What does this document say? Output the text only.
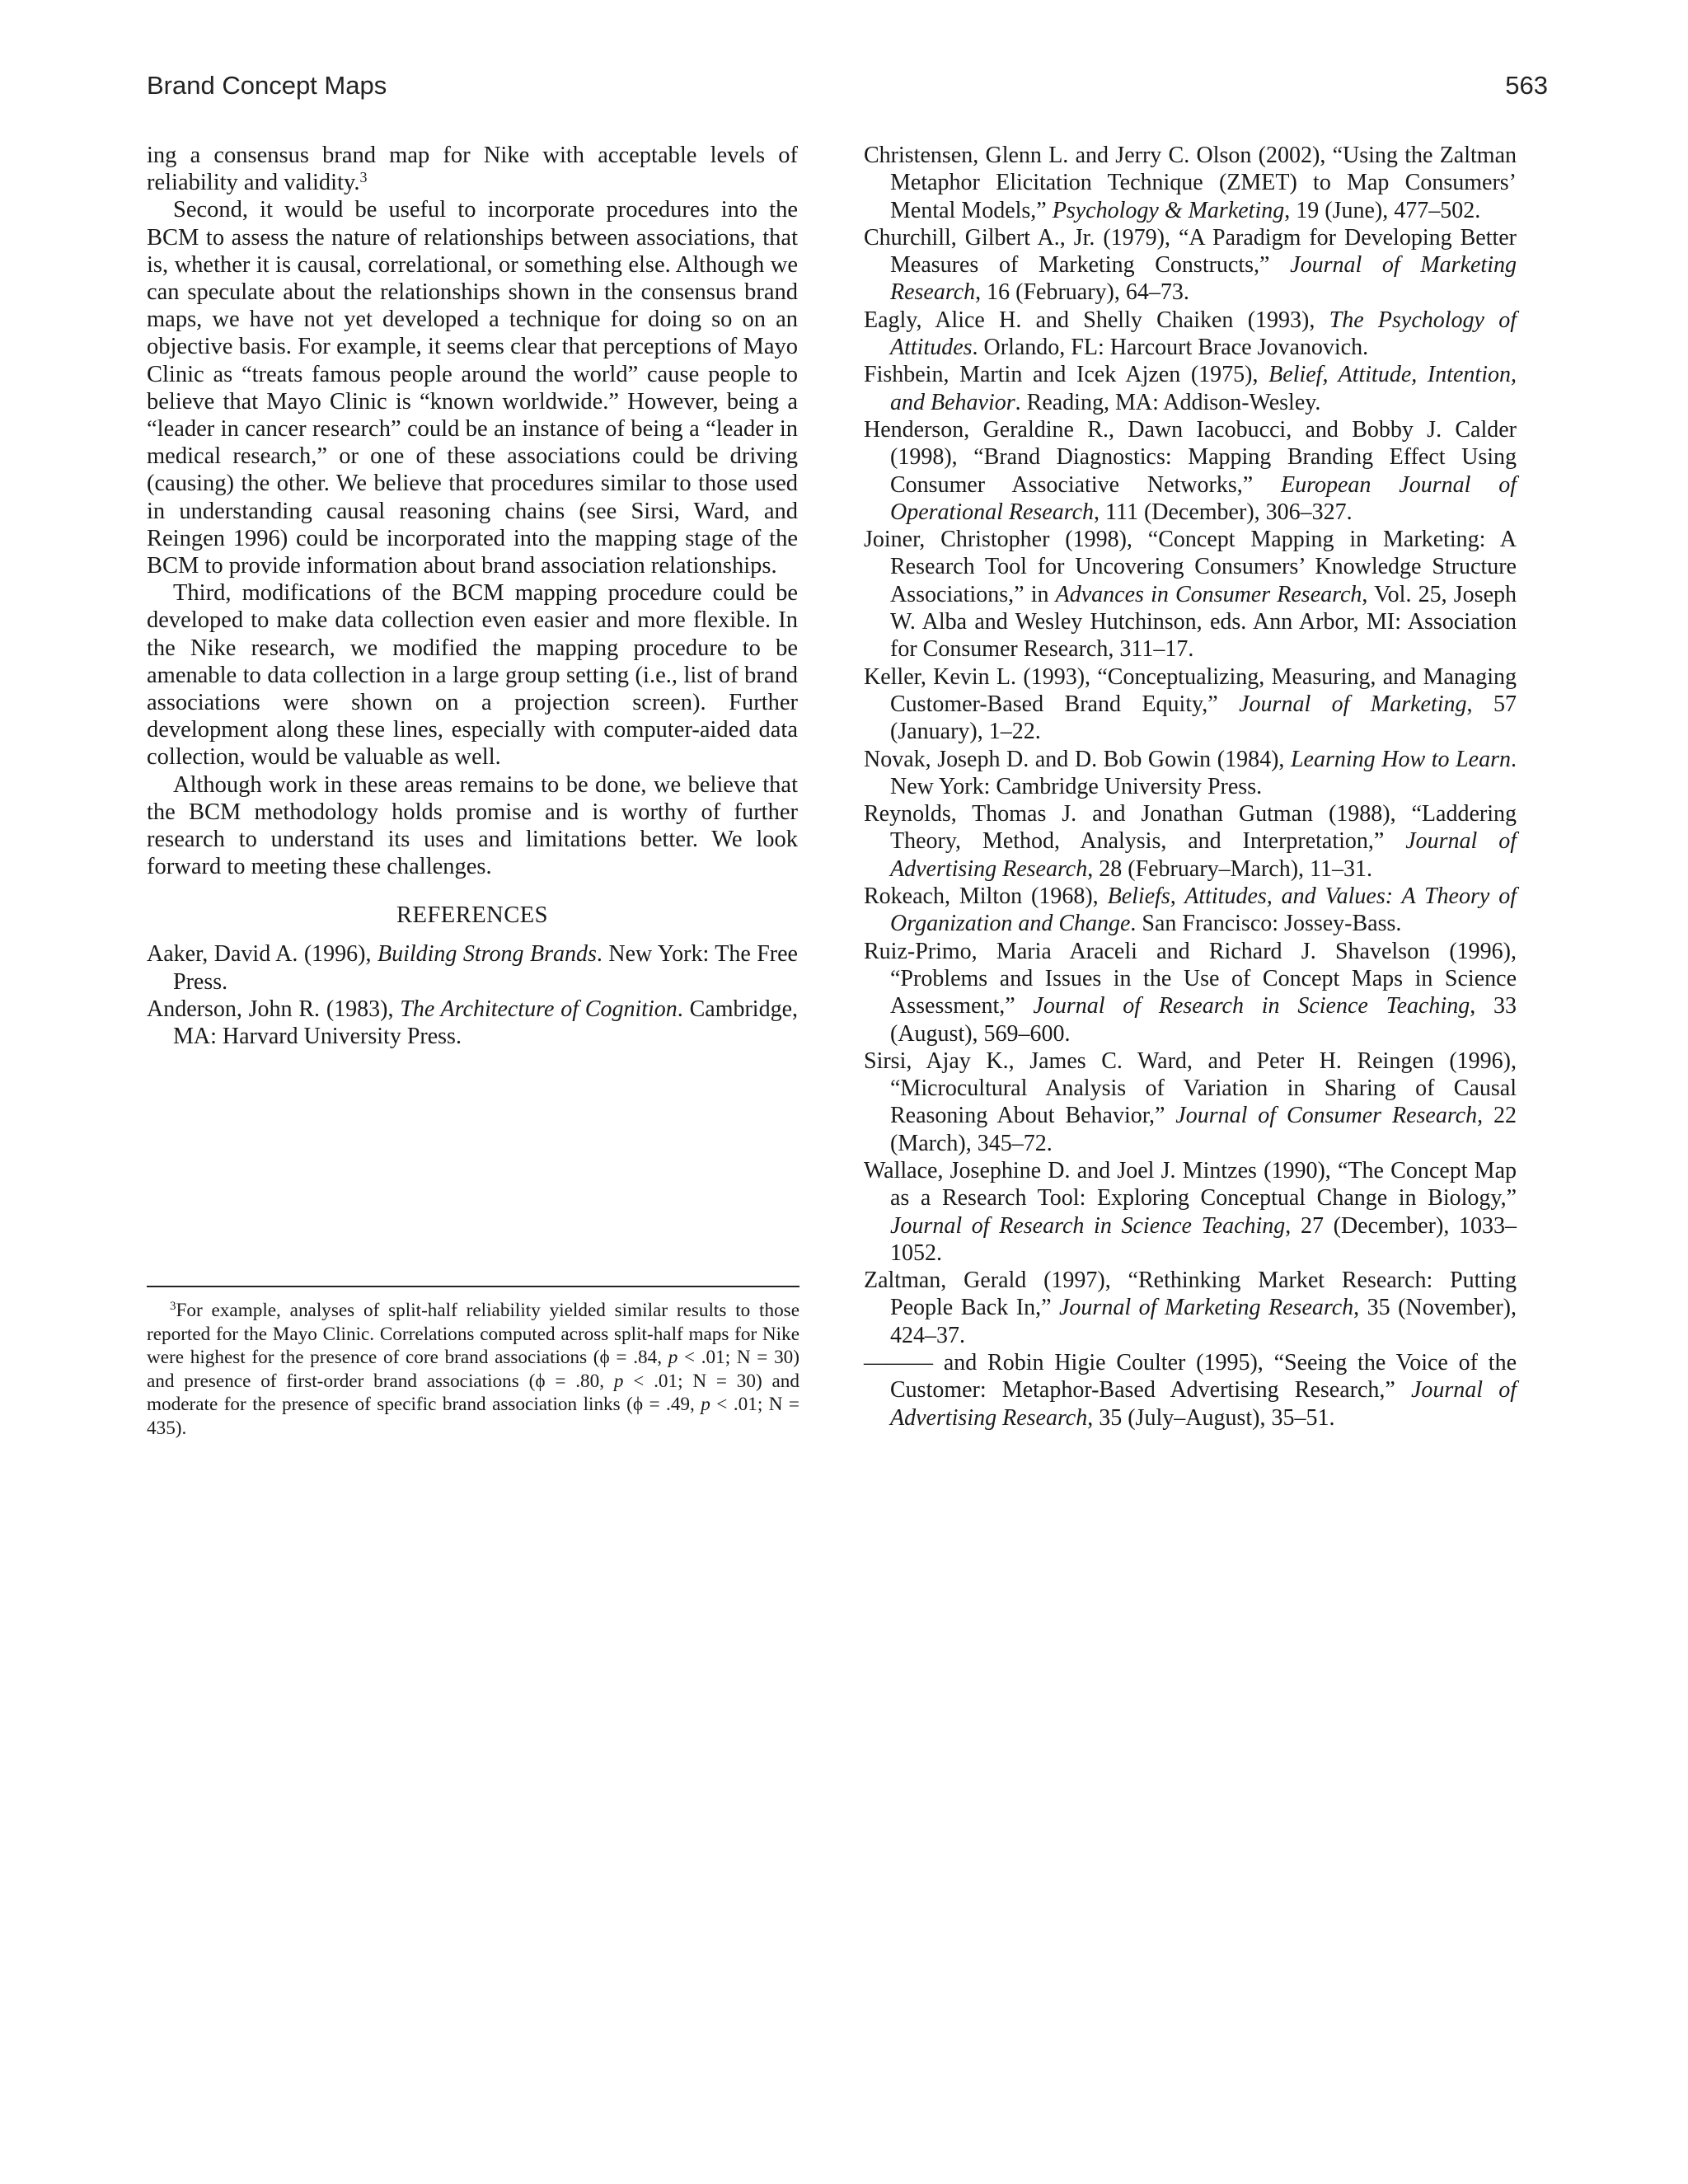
Brand Concept Maps	563

ing a consensus brand map for Nike with acceptable levels of reliability and validity.$^3$

Second, it would be useful to incorporate procedures into the BCM to assess the nature of relationships between associations, that is, whether it is causal, correlational, or something else. Although we can speculate about the relationships shown in the consensus brand maps, we have not yet developed a technique for doing so on an objective basis. For example, it seems clear that perceptions of Mayo Clinic as “treats famous people around the world” cause people to believe that Mayo Clinic is “known worldwide.” However, being a “leader in cancer research” could be an instance of being a “leader in medical research,” or one of these associations could be driving (causing) the other. We believe that procedures similar to those used in understanding causal reasoning chains (see Sirsi, Ward, and Reingen 1996) could be incorporated into the mapping stage of the BCM to provide information about brand association relationships.

Third, modifications of the BCM mapping procedure could be developed to make data collection even easier and more flexible. In the Nike research, we modified the mapping procedure to be amenable to data collection in a large group setting (i.e., list of brand associations were shown on a projection screen). Further development along these lines, especially with computer-aided data collection, would be valuable as well.

Although work in these areas remains to be done, we believe that the BCM methodology holds promise and is worthy of further research to understand its uses and limitations better. We look forward to meeting these challenges.

REFERENCES

Aaker, David A. (1996), Building Strong Brands. New York: The Free Press.

Anderson, John R. (1983), The Architecture of Cognition. Cambridge, MA: Harvard University Press.

$^3$For example, analyses of split-half reliability yielded similar results to those reported for the Mayo Clinic. Correlations computed across split-half maps for Nike were highest for the presence of core brand associations (ϕ = .84, p < .01; N = 30) and presence of first-order brand associations (ϕ = .80, p < .01; N = 30) and moderate for the presence of specific brand association links (ϕ = .49, p < .01; N = 435).

Christensen, Glenn L. and Jerry C. Olson (2002), “Using the Zaltman Metaphor Elicitation Technique (ZMET) to Map Consumers’ Mental Models,” Psychology & Marketing, 19 (June), 477–502.

Churchill, Gilbert A., Jr. (1979), “A Paradigm for Developing Better Measures of Marketing Constructs,” Journal of Marketing Research, 16 (February), 64–73.

Eagly, Alice H. and Shelly Chaiken (1993), The Psychology of Attitudes. Orlando, FL: Harcourt Brace Jovanovich.

Fishbein, Martin and Icek Ajzen (1975), Belief, Attitude, Intention, and Behavior. Reading, MA: Addison-Wesley.

Henderson, Geraldine R., Dawn Iacobucci, and Bobby J. Calder (1998), “Brand Diagnostics: Mapping Branding Effect Using Consumer Associative Networks,” European Journal of Operational Research, 111 (December), 306–327.

Joiner, Christopher (1998), “Concept Mapping in Marketing: A Research Tool for Uncovering Consumers’ Knowledge Structure Associations,” in Advances in Consumer Research, Vol. 25, Joseph W. Alba and Wesley Hutchinson, eds. Ann Arbor, MI: Association for Consumer Research, 311–17.

Keller, Kevin L. (1993), “Conceptualizing, Measuring, and Managing Customer-Based Brand Equity,” Journal of Marketing, 57 (January), 1–22.

Novak, Joseph D. and D. Bob Gowin (1984), Learning How to Learn. New York: Cambridge University Press.

Reynolds, Thomas J. and Jonathan Gutman (1988), “Laddering Theory, Method, Analysis, and Interpretation,” Journal of Advertising Research, 28 (February–March), 11–31.

Rokeach, Milton (1968), Beliefs, Attitudes, and Values: A Theory of Organization and Change. San Francisco: Jossey-Bass.

Ruiz-Primo, Maria Araceli and Richard J. Shavelson (1996), “Problems and Issues in the Use of Concept Maps in Science Assessment,” Journal of Research in Science Teaching, 33 (August), 569–600.

Sirsi, Ajay K., James C. Ward, and Peter H. Reingen (1996), “Microcultural Analysis of Variation in Sharing of Causal Reasoning About Behavior,” Journal of Consumer Research, 22 (March), 345–72.

Wallace, Josephine D. and Joel J. Mintzes (1990), “The Concept Map as a Research Tool: Exploring Conceptual Change in Biology,” Journal of Research in Science Teaching, 27 (December), 1033–1052.

Zaltman, Gerald (1997), “Rethinking Market Research: Putting People Back In,” Journal of Marketing Research, 35 (November), 424–37.

——— and Robin Higie Coulter (1995), “Seeing the Voice of the Customer: Metaphor-Based Advertising Research,” Journal of Advertising Research, 35 (July–August), 35–51.
